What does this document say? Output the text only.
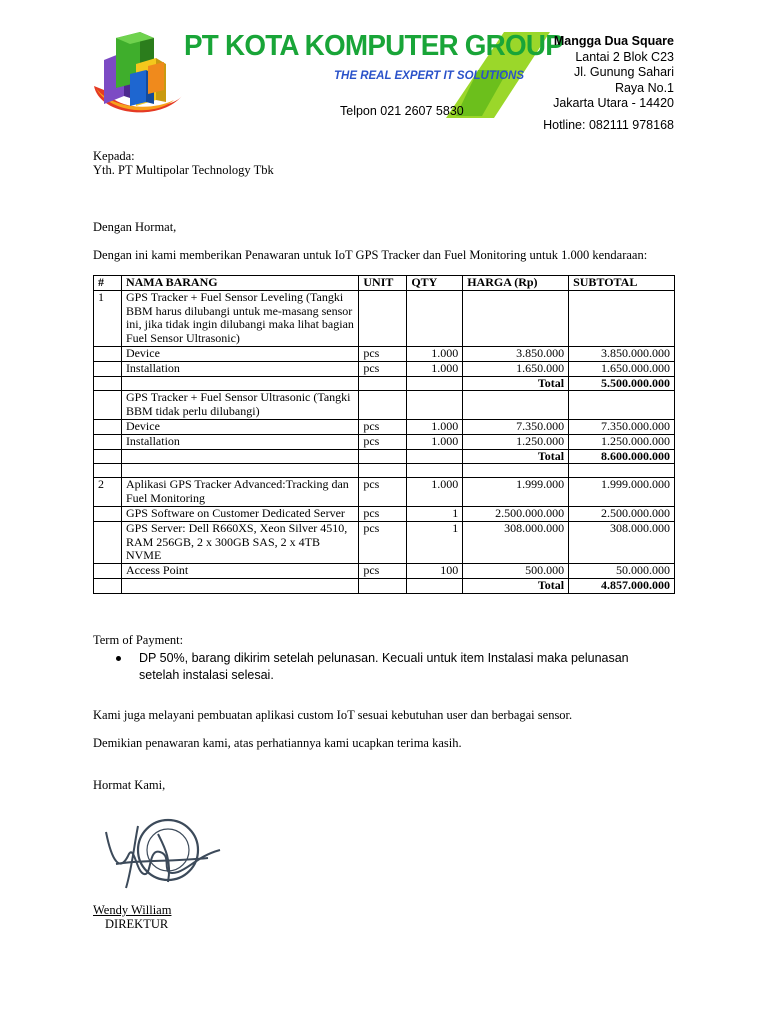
PT KOTA KOMPUTER GROUP
THE REAL EXPERT IT SOLUTIONS
Telpon 021 2607 5830
Mangga Dua Square
Lantai 2 Blok C23
Jl. Gunung Sahari
Raya No.1
Jakarta Utara - 14420
Hotline: 082111 978168
Kepada:
Yth. PT Multipolar Technology Tbk
Dengan Hormat,
Dengan ini kami memberikan Penawaran untuk IoT GPS Tracker dan Fuel Monitoring untuk 1.000 kendaraan:
#	NAMA BARANG	UNIT	QTY	HARGA (Rp)	SUBTOTAL
1	GPS Tracker + Fuel Sensor Leveling (Tangki BBM harus dilubangi untuk me-masang sensor ini, jika tidak ingin dilubangi maka lihat bagian Fuel Sensor Ultrasonic)				
	Device	pcs	1.000	3.850.000	3.850.000.000
	Installation	pcs	1.000	1.650.000	1.650.000.000
				Total	5.500.000.000
	GPS Tracker + Fuel Sensor Ultrasonic (Tangki BBM tidak perlu dilubangi)				
	Device	pcs	1.000	7.350.000	7.350.000.000
	Installation	pcs	1.000	1.250.000	1.250.000.000
				Total	8.600.000.000

2	Aplikasi GPS Tracker Advanced:Tracking dan Fuel Monitoring	pcs	1.000	1.999.000	1.999.000.000
	GPS Software on Customer Dedicated Server	pcs	1	2.500.000.000	2.500.000.000
	GPS Server: Dell R660XS, Xeon Silver 4510, RAM 256GB, 2 x 300GB SAS, 2 x 4TB NVME	pcs	1	308.000.000	308.000.000
	Access Point	pcs	100	500.000	50.000.000
				Total	4.857.000.000
Term of Payment:
DP 50%, barang dikirim setelah pelunasan. Kecuali untuk item Instalasi maka pelunasan setelah instalasi selesai.
Kami juga melayani pembuatan aplikasi custom IoT sesuai kebutuhan user dan berbagai sensor.
Demikian penawaran kami, atas perhatiannya kami ucapkan terima kasih.
Hormat Kami,
Wendy William
DIREKTUR
